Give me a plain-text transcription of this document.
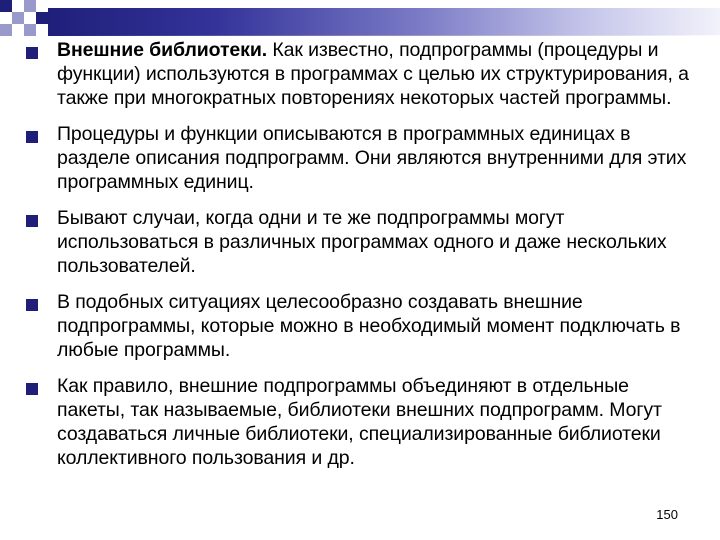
Внешние библиотеки. Как известно, подпрограммы (процедуры и функции) используются в программах с целью их структурирования, а также при многократных повторениях некоторых частей программы.
Процедуры и функции описываются в программных единицах в разделе описания подпрограмм. Они являются внутренними для этих программных единиц.
Бывают случаи, когда одни и те же подпрограммы могут использоваться в различных программах одного и даже нескольких пользователей.
В подобных ситуациях целесообразно создавать внешние подпрограммы, которые можно в необходимый момент подключать в любые программы.
Как правило, внешние подпрограммы объединяют в отдельные пакеты, так называемые, библиотеки внешних подпрограмм. Могут создаваться личные библиотеки, специализированные библиотеки коллективного пользования и др.
150
